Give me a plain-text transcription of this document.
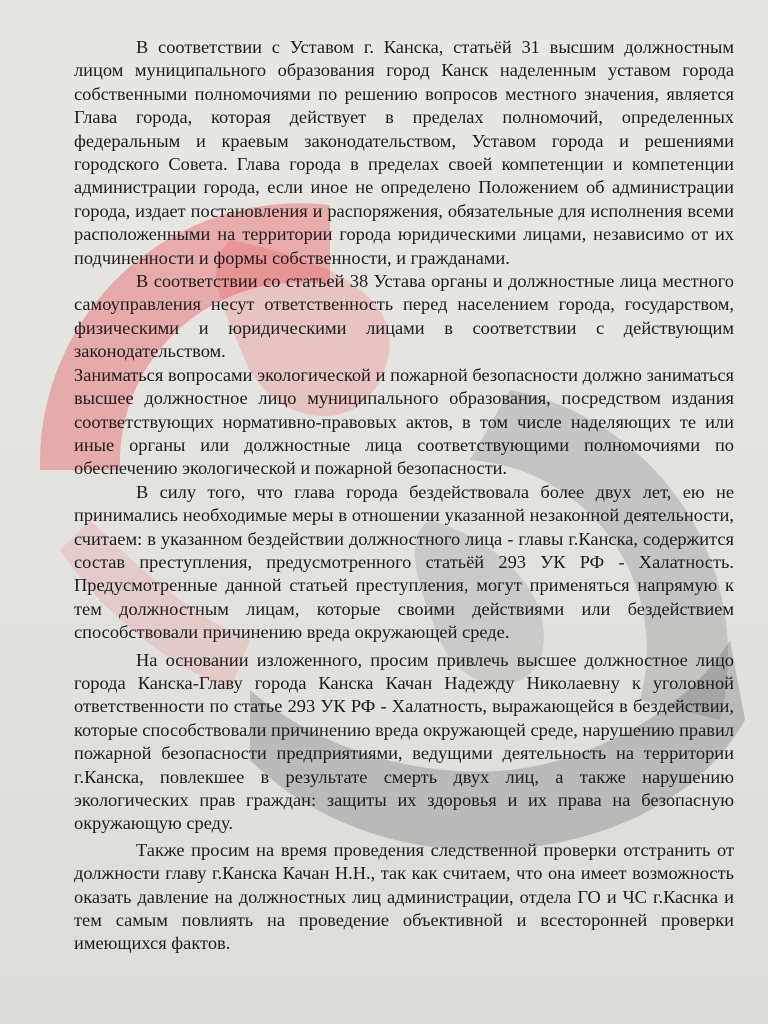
В соответствии с Уставом г. Канска, статьёй 31 высшим должностным лицом муниципального образования город Канск наделенным уставом города собственными полномочиями по решению вопросов местного значения, является Глава города, которая действует в пределах полномочий, определенных федеральным и краевым законодательством, Уставом города и решениями городского Совета. Глава города в пределах своей компетенции и компетенции администрации города, если иное не определено Положением об администрации города, издает постановления и распоряжения, обязательные для исполнения всеми расположенными на территории города юридическими лицами, независимо от их подчиненности и формы собственности, и гражданами.

В соответствии со статьей 38 Устава органы и должностные лица местного самоуправления несут ответственность перед населением города, государством, физическими и юридическими лицами в соответствии с действующим законодательством.

Заниматься вопросами экологической и пожарной безопасности должно заниматься высшее должностное лицо муниципального образования, посредством издания соответствующих нормативно-правовых актов, в том числе наделяющих те или иные органы или должностные лица соответствующими полномочиями по обеспечению экологической и пожарной безопасности.

В силу того, что глава города бездействовала более двух лет, ею не принимались необходимые меры в отношении указанной незаконной деятельности, считаем: в указанном бездействии должностного лица - главы г.Канска, содержится состав преступления, предусмотренного статьёй 293 УК РФ - Халатность. Предусмотренные данной статьей преступления, могут применяться напрямую к тем должностным лицам, которые своими действиями или бездействием способствовали причинению вреда окружающей среде.

На основании изложенного, просим привлечь высшее должностное лицо города Канска-Главу города Канска Качан Надежду Николаевну к уголовной ответственности по статье 293 УК РФ - Халатность, выражающейся в бездействии, которые способствовали причинению вреда окружающей среде, нарушению правил пожарной безопасности предприятиями, ведущими деятельность на территории г.Канска, повлекшее в результате смерть двух лиц, а также нарушению экологических прав граждан: защиты их здоровья и их права на безопасную окружающую среду.

Также просим на время проведения следственной проверки отстранить от должности главу г.Канска Качан Н.Н., так как считаем, что она имеет возможность оказать давление на должностных лиц администрации, отдела ГО и ЧС г.Каснка и тем самым повлиять на проведение объективной и всесторонней проверки имеющихся фактов.
